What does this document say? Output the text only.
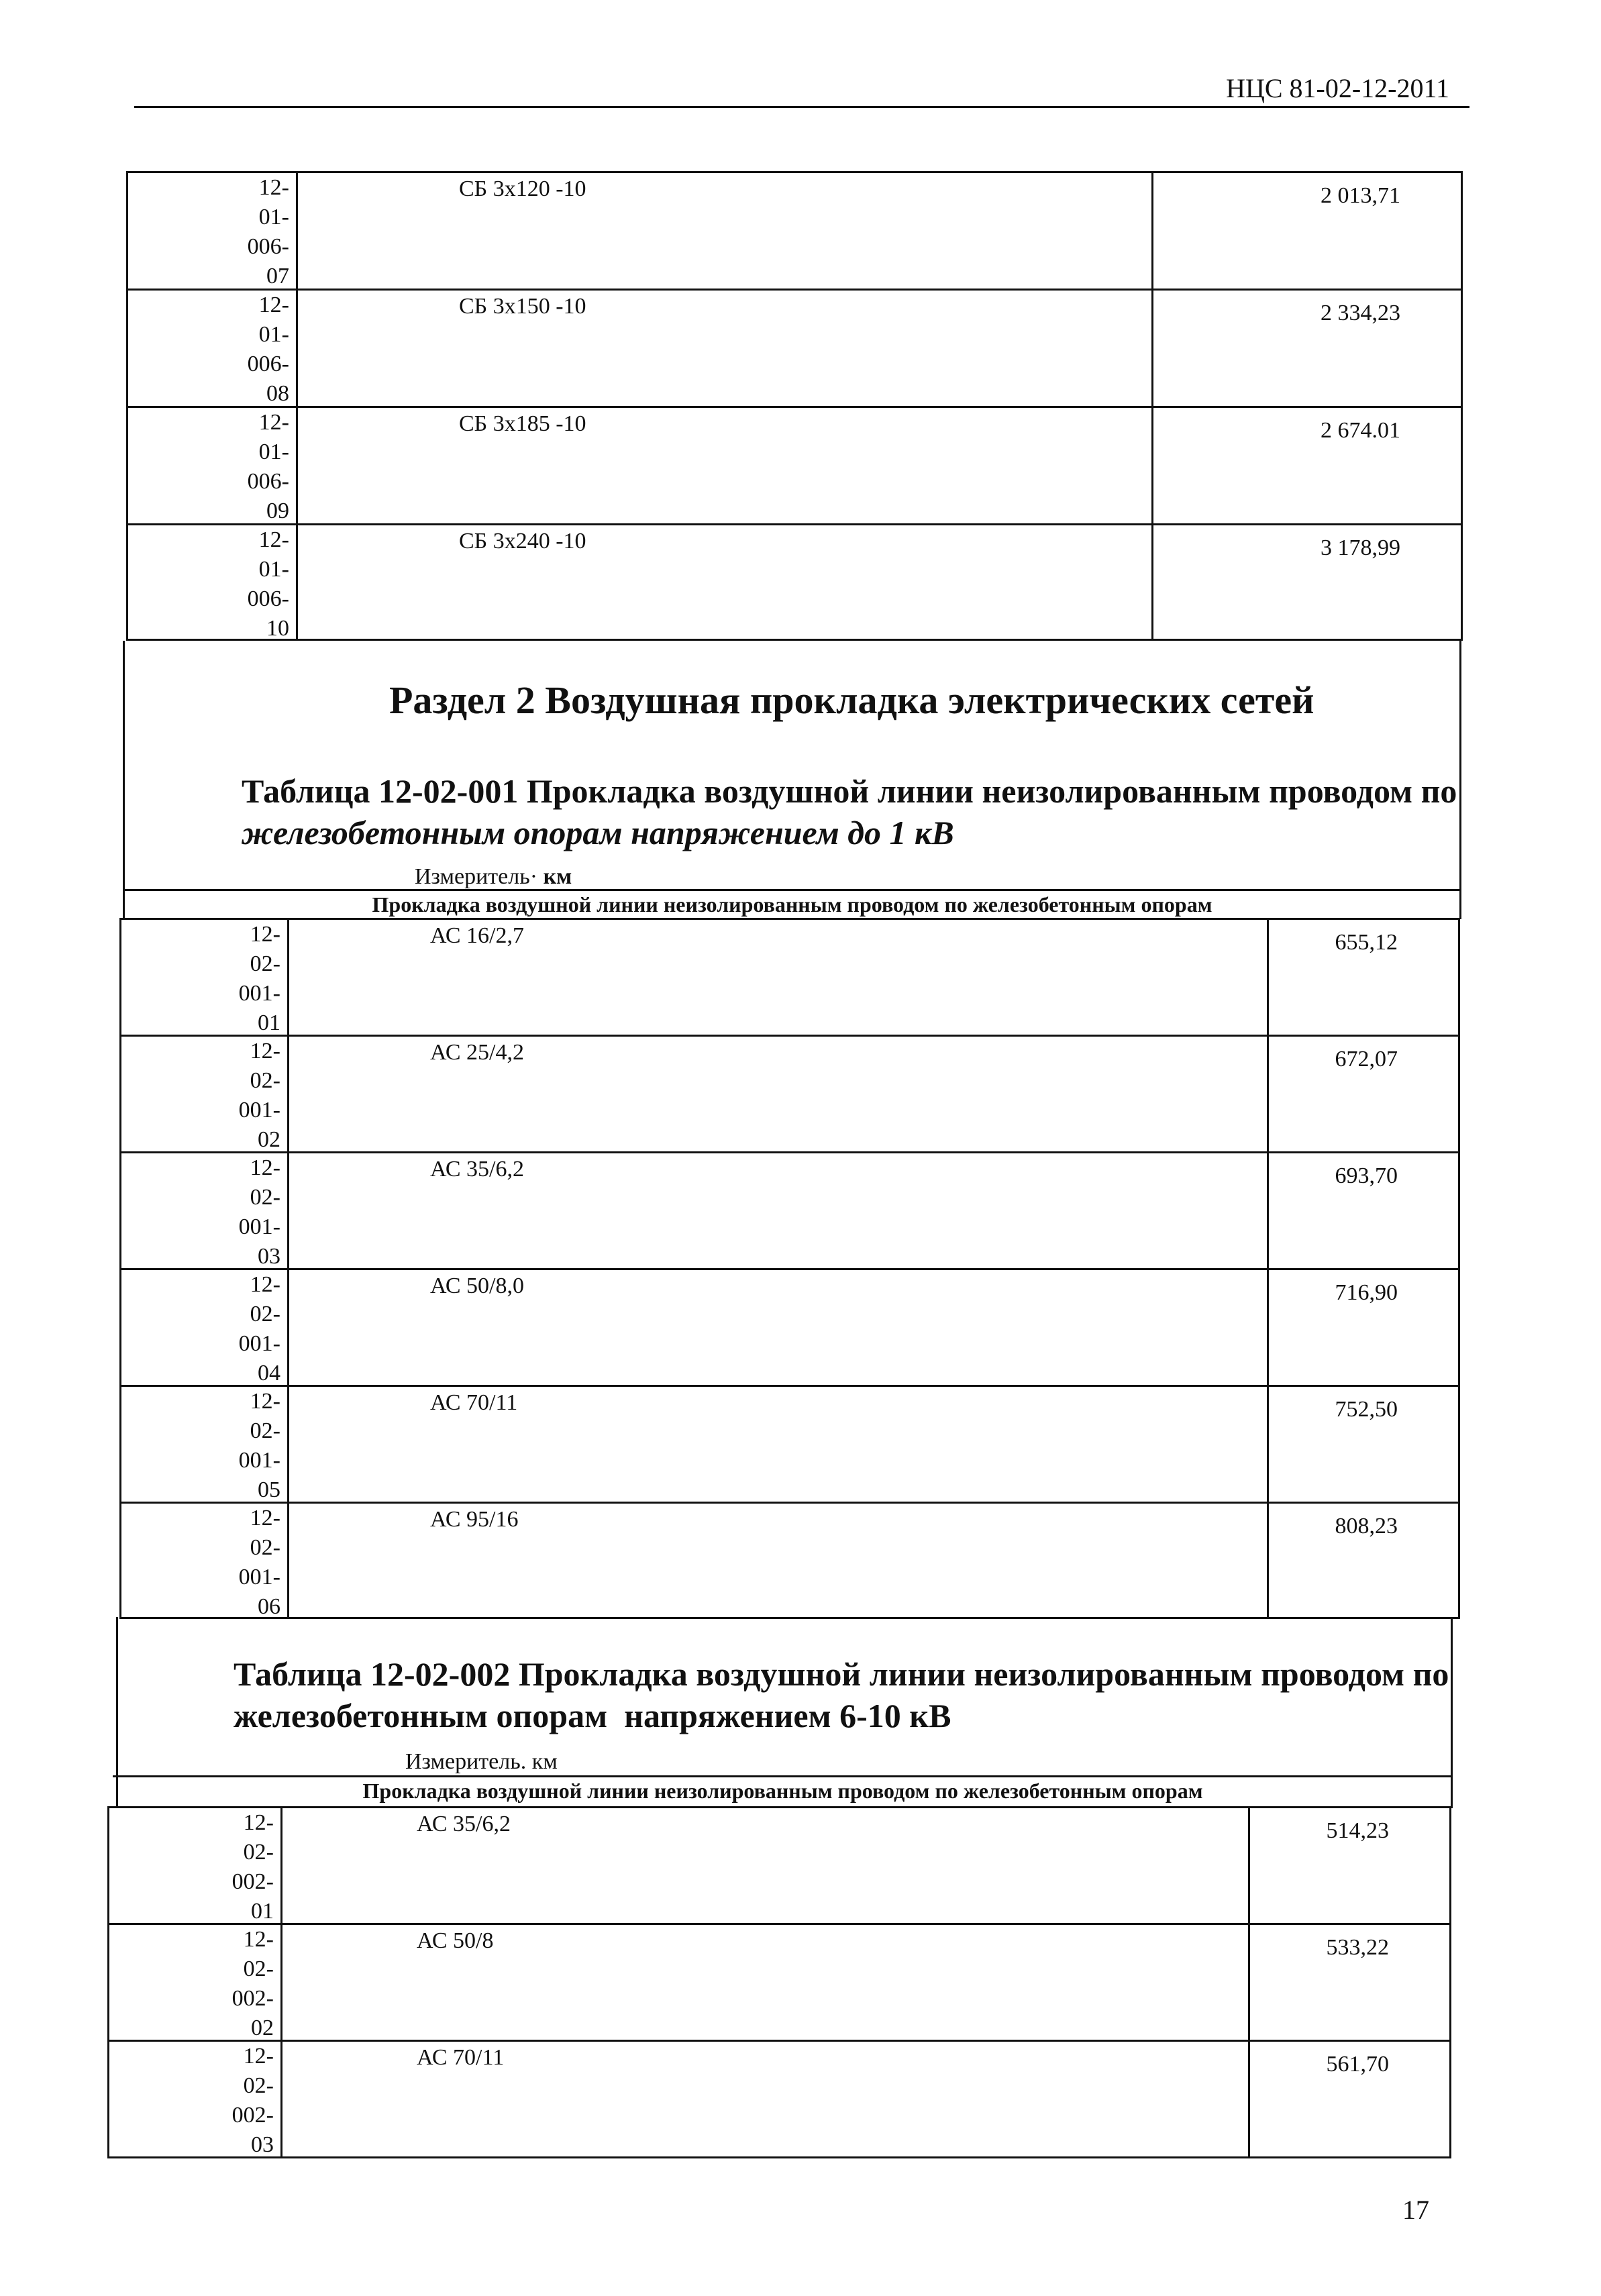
НЦС 81-02-12-2011
12-
01-
006-
07
СБ 3х120 -10	2 013,71
12-
01-
006-
08
СБ 3х150 -10	2 334,23
12-
01-
006-
09
СБ 3х185 -10	2 674.01
12-
01-
006-
10
СБ 3х240 -10	3 178,99
Раздел 2 Воздушная прокладка электрических сетей
Таблица 12-02-001 Прокладка воздушной линии неизолированным проводом по
железобетонным опорам напряжением до 1 кВ
Измеритель· км
Прокладка воздушной линии неизолированным проводом по железобетонным опорам
12-
02-
001-
01
АС 16/2,7	655,12
12-
02-
001-
02
АС 25/4,2	672,07
12-
02-
001-
03
АС 35/6,2	693,70
12-
02-
001-
04
АС 50/8,0	716,90
12-
02-
001-
05
АС 70/11	752,50
12-
02-
001-
06
АС 95/16	808,23
Таблица 12-02-002 Прокладка воздушной линии неизолированным проводом по
железобетонным опорам  напряжением 6-10 кВ
Измеритель. км
Прокладка воздушной линии неизолированным проводом по железобетонным опорам
12-
02-
002-
01
АС 35/6,2	514,23
12-
02-
002-
02
АС 50/8	533,22
12-
02-
002-
03
АС 70/11	561,70
17
